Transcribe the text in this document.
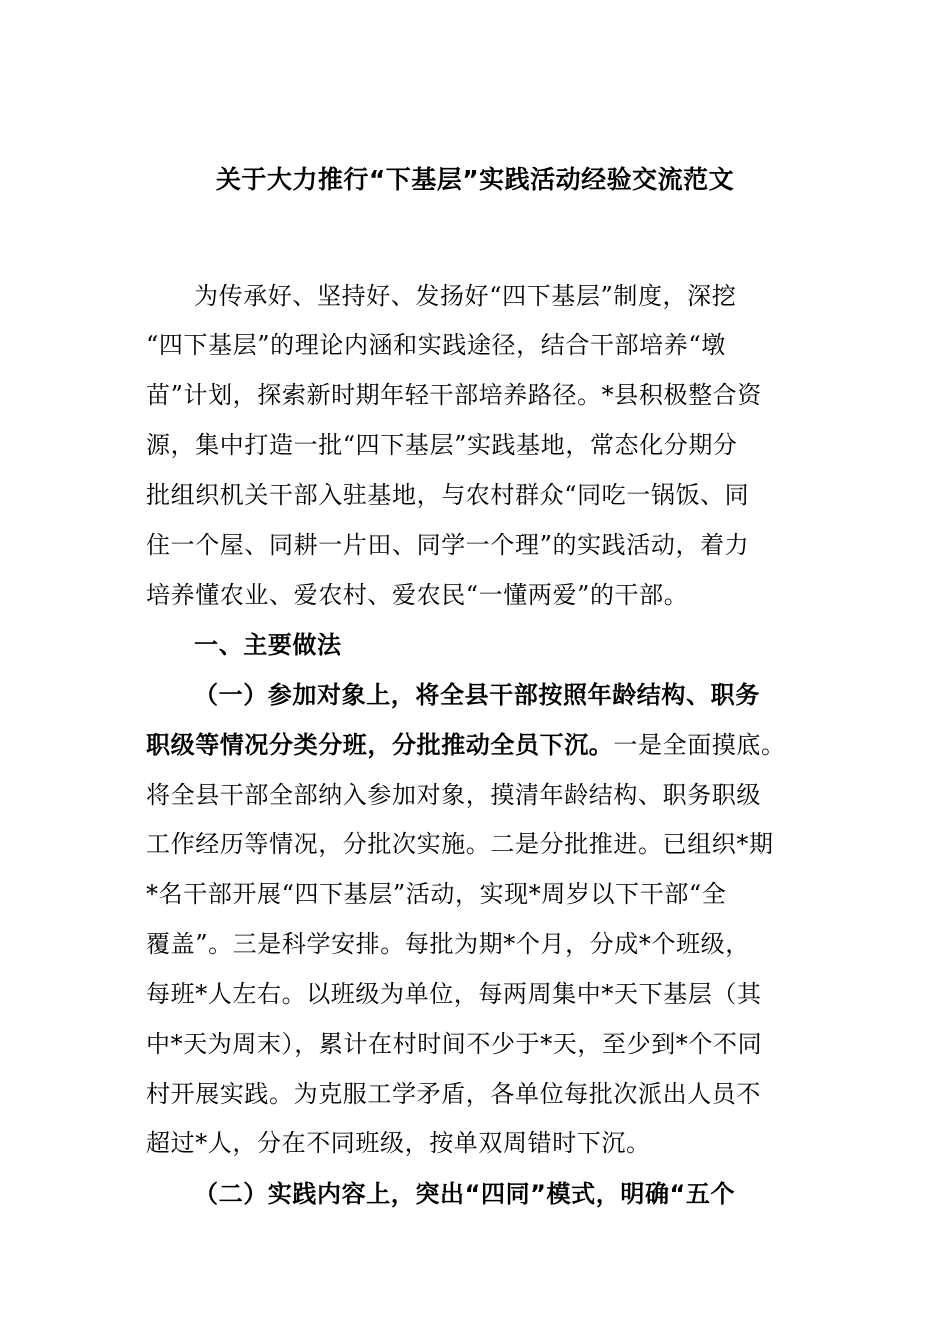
关于大力推行“下基层”实践活动经验交流范文
为传承好、坚持好、发扬好“四下基层”制度，深挖
“四下基层”的理论内涵和实践途径，结合干部培养“墩
苗”计划，探索新时期年轻干部培养路径。*县积极整合资
源，集中打造一批“四下基层”实践基地，常态化分期分
批组织机关干部入驻基地，与农村群众“同吃一锅饭、同
住一个屋、同耕一片田、同学一个理”的实践活动，着力
培养懂农业、爱农村、爱农民“一懂两爱”的干部。
一、主要做法
（一）参加对象上，将全县干部按照年龄结构、职务
职级等情况分类分班，分批推动全员下沉。一是全面摸底。
将全县干部全部纳入参加对象，摸清年龄结构、职务职级
工作经历等情况，分批次实施。二是分批推进。已组织*期
*名干部开展“四下基层”活动，实现*周岁以下干部“全
覆盖”。三是科学安排。每批为期*个月，分成*个班级，
每班*人左右。以班级为单位，每两周集中*天下基层（其
中*天为周末），累计在村时间不少于*天，至少到*个不同
村开展实践。为克服工学矛盾，各单位每批次派出人员不
超过*人，分在不同班级，按单双周错时下沉。
（二）实践内容上，突出“四同”模式，明确“五个
